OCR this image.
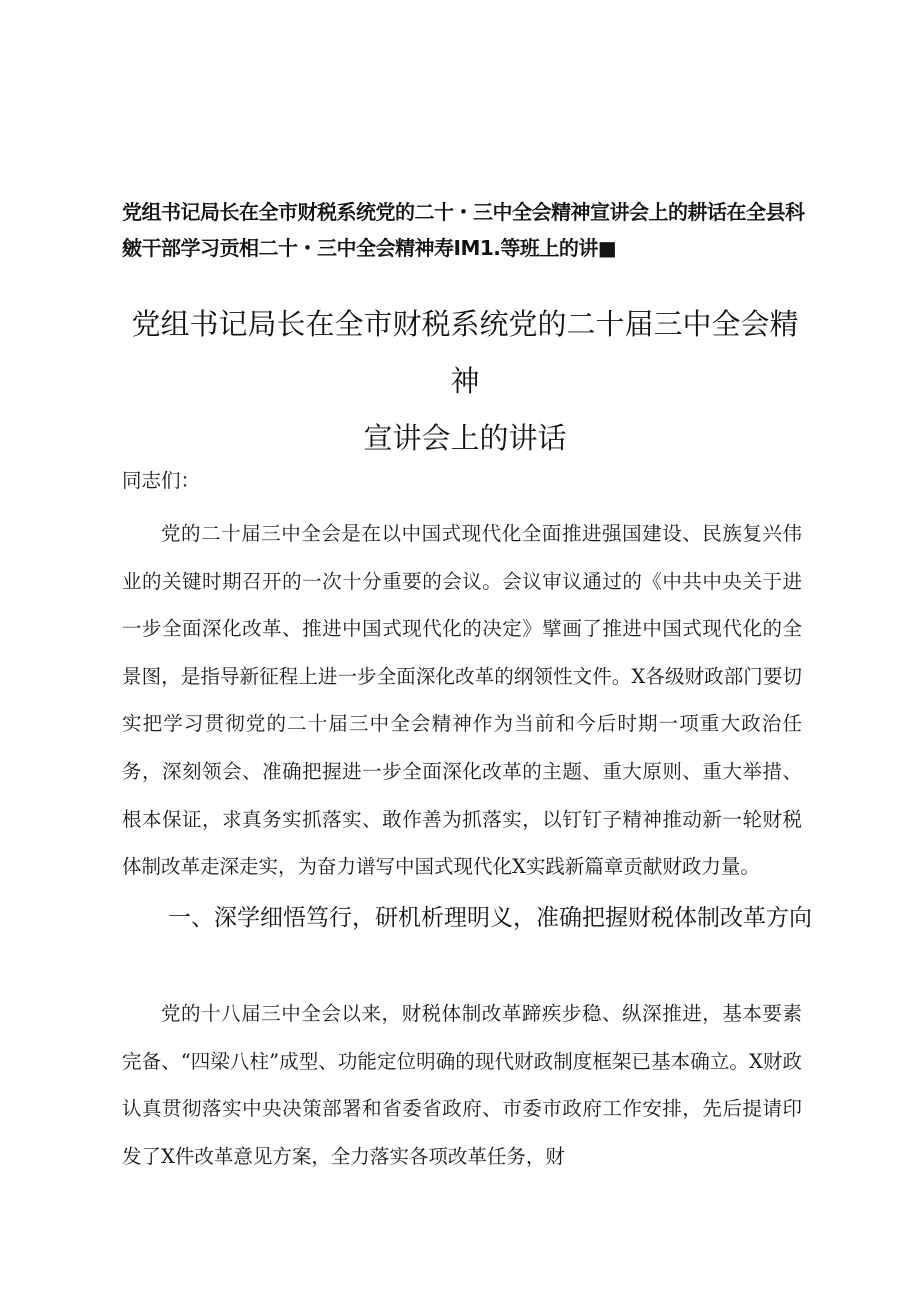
党组书记局长在全市财税系统党的二十・三中全会精神宣讲会上的耕话在全县科皴干部学习贡相二十・三中全会精神寿IM1.等班上的讲■

党组书记局长在全市财税系统党的二十届三中全会精神
宣讲会上的讲话

同志们：

党的二十届三中全会是在以中国式现代化全面推进强国建设、民族复兴伟业的关键时期召开的一次十分重要的会议。会议审议通过的《中共中央关于进一步全面深化改革、推进中国式现代化的决定》擘画了推进中国式现代化的全景图，是指导新征程上进一步全面深化改革的纲领性文件。X各级财政部门要切实把学习贯彻党的二十届三中全会精神作为当前和今后时期一项重大政治任务，深刻领会、准确把握进一步全面深化改革的主题、重大原则、重大举措、根本保证，求真务实抓落实、敢作善为抓落实，以钉钉子精神推动新一轮财税体制改革走深走实，为奋力谱写中国式现代化X实践新篇章贡献财政力量。

一、深学细悟笃行，研机析理明义，准确把握财税体制改革方向

党的十八届三中全会以来，财税体制改革蹄疾步稳、纵深推进，基本要素完备、“四梁八柱”成型、功能定位明确的现代财政制度框架已基本确立。X财政认真贯彻落实中央决策部署和省委省政府、市委市政府工作安排，先后提请印发了X件改革意见方案，全力落实各项改革任务，财
